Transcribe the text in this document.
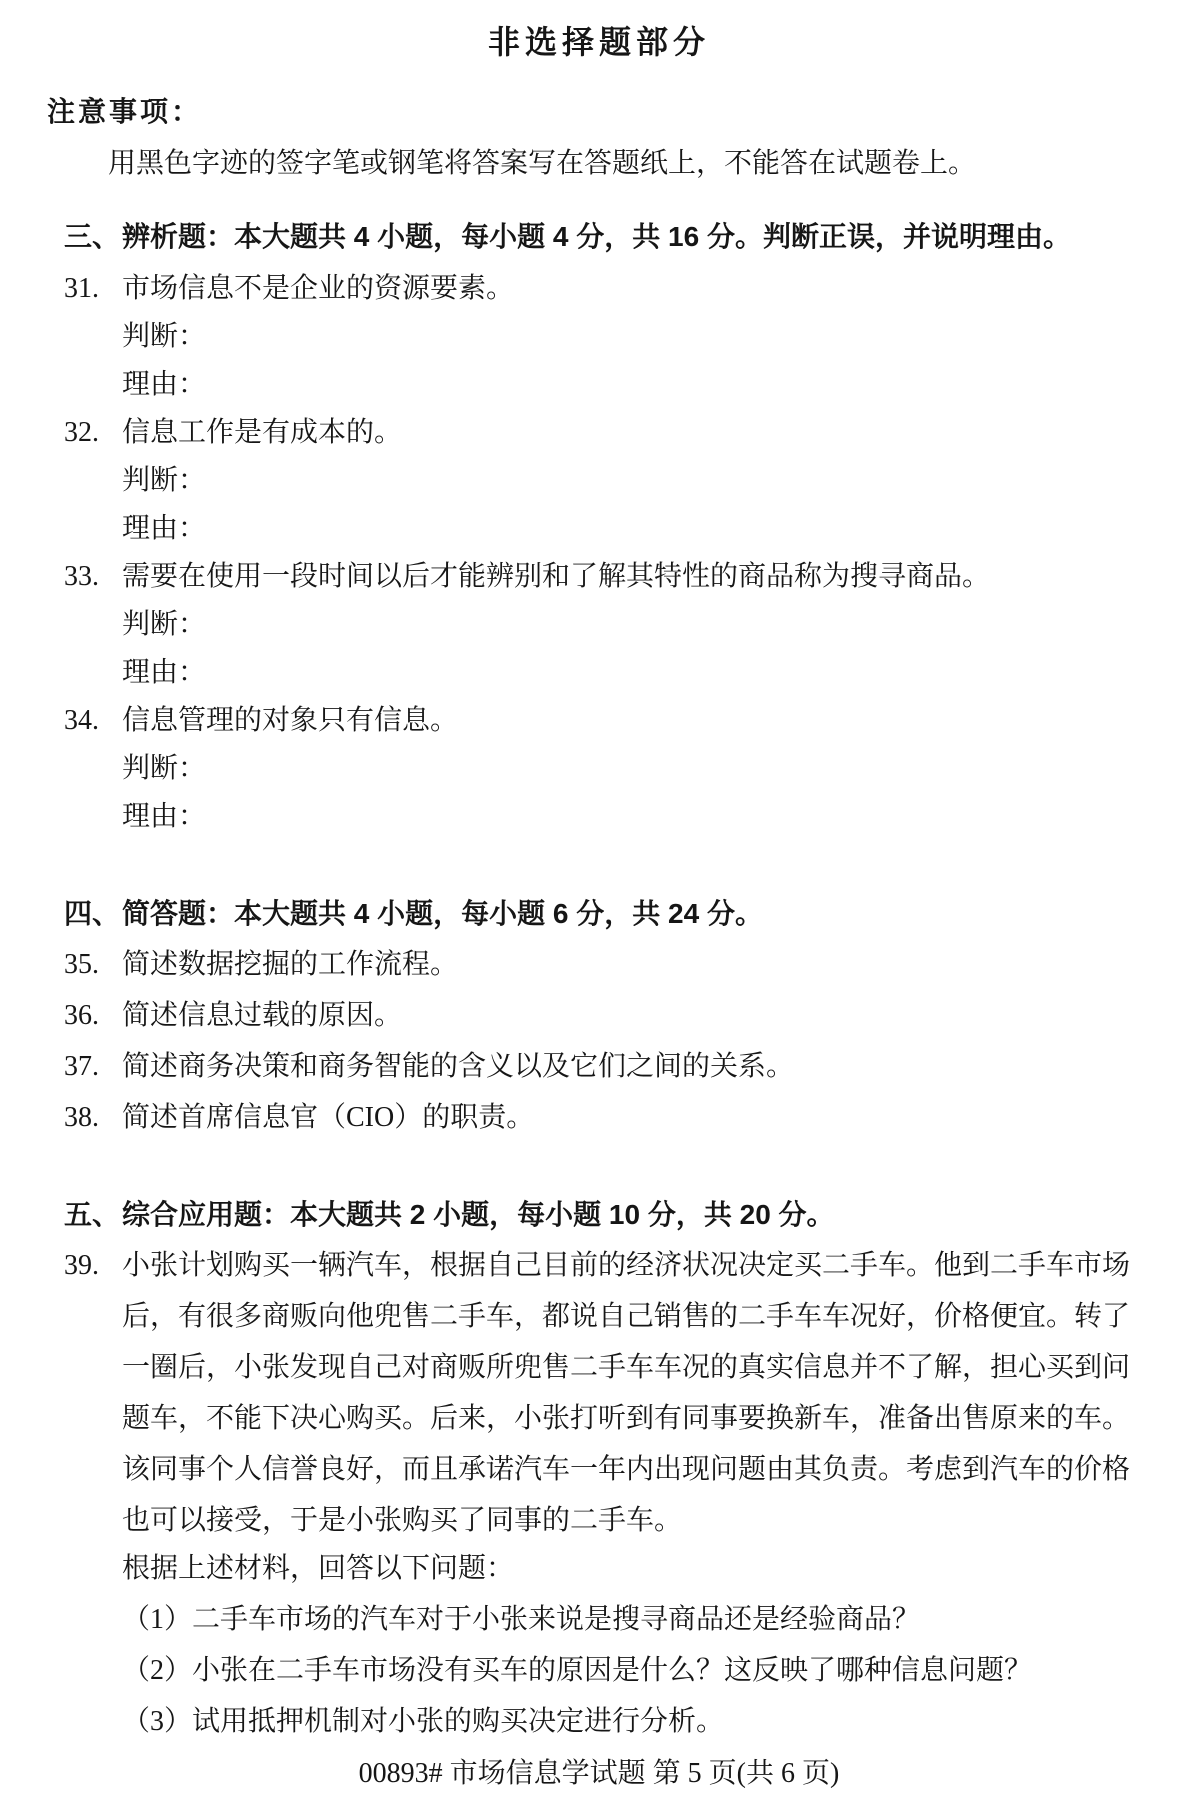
非选择题部分
注意事项：
用黑色字迹的签字笔或钢笔将答案写在答题纸上，不能答在试题卷上。
三、 辨析题：本大题共 4 小题，每小题 4 分，共 16 分。判断正误，并说明理由。
31. 市场信息不是企业的资源要素。
判断：
理由：
32. 信息工作是有成本的。
判断：
理由：
33. 需要在使用一段时间以后才能辨别和了解其特性的商品称为搜寻商品。
判断：
理由：
34. 信息管理的对象只有信息。
判断：
理由：
四、 简答题：本大题共 4 小题，每小题 6 分，共 24 分。
35. 简述数据挖掘的工作流程。
36. 简述信息过载的原因。
37. 简述商务决策和商务智能的含义以及它们之间的关系。
38. 简述首席信息官（CIO）的职责。
五、 综合应用题：本大题共 2 小题，每小题 10 分，共 20 分。
39. 小张计划购买一辆汽车，根据自己目前的经济状况决定买二手车。他到二手车市场
后，有很多商贩向他兜售二手车，都说自己销售的二手车车况好，价格便宜。转了
一圈后，小张发现自己对商贩所兜售二手车车况的真实信息并不了解，担心买到问
题车，不能下决心购买。后来，小张打听到有同事要换新车，准备出售原来的车。
该同事个人信誉良好，而且承诺汽车一年内出现问题由其负责。考虑到汽车的价格
也可以接受，于是小张购买了同事的二手车。
根据上述材料，回答以下问题：
（1）二手车市场的汽车对于小张来说是搜寻商品还是经验商品？
（2）小张在二手车市场没有买车的原因是什么？这反映了哪种信息问题？
（3）试用抵押机制对小张的购买决定进行分析。
00893# 市场信息学试题 第 5 页(共 6 页)
